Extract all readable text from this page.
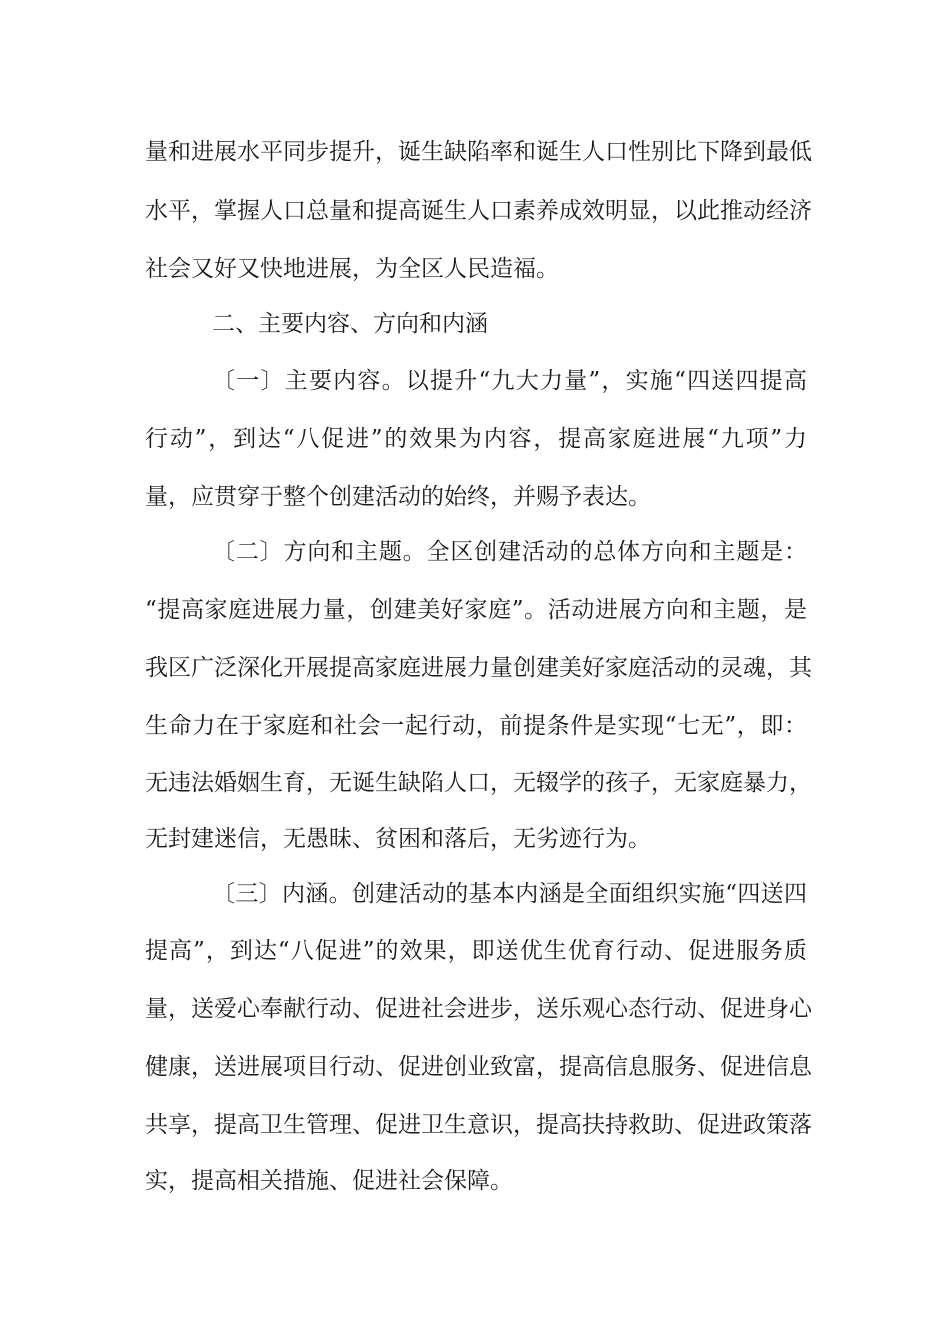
量和进展水平同步提升，诞生缺陷率和诞生人口性别比下降到最低
水平，掌握人口总量和提高诞生人口素养成效明显，以此推动经济
社会又好又快地进展，为全区人民造福。
二、主要内容、方向和内涵
〔一〕主要内容。以提升“九大力量”，实施“四送四提高
行动”，到达“八促进”的效果为内容，提高家庭进展“九项”力
量，应贯穿于整个创建活动的始终，并赐予表达。
〔二〕方向和主题。全区创建活动的总体方向和主题是：
“提高家庭进展力量，创建美好家庭”。活动进展方向和主题，是
我区广泛深化开展提高家庭进展力量创建美好家庭活动的灵魂，其
生命力在于家庭和社会一起行动，前提条件是实现“七无”，即：
无违法婚姻生育，无诞生缺陷人口，无辍学的孩子，无家庭暴力，
无封建迷信，无愚昧、贫困和落后，无劣迹行为。
〔三〕内涵。创建活动的基本内涵是全面组织实施“四送四
提高”，到达“八促进”的效果，即送优生优育行动、促进服务质
量，送爱心奉献行动、促进社会进步，送乐观心态行动、促进身心
健康，送进展项目行动、促进创业致富，提高信息服务、促进信息
共享，提高卫生管理、促进卫生意识，提高扶持救助、促进政策落
实，提高相关措施、促进社会保障。
